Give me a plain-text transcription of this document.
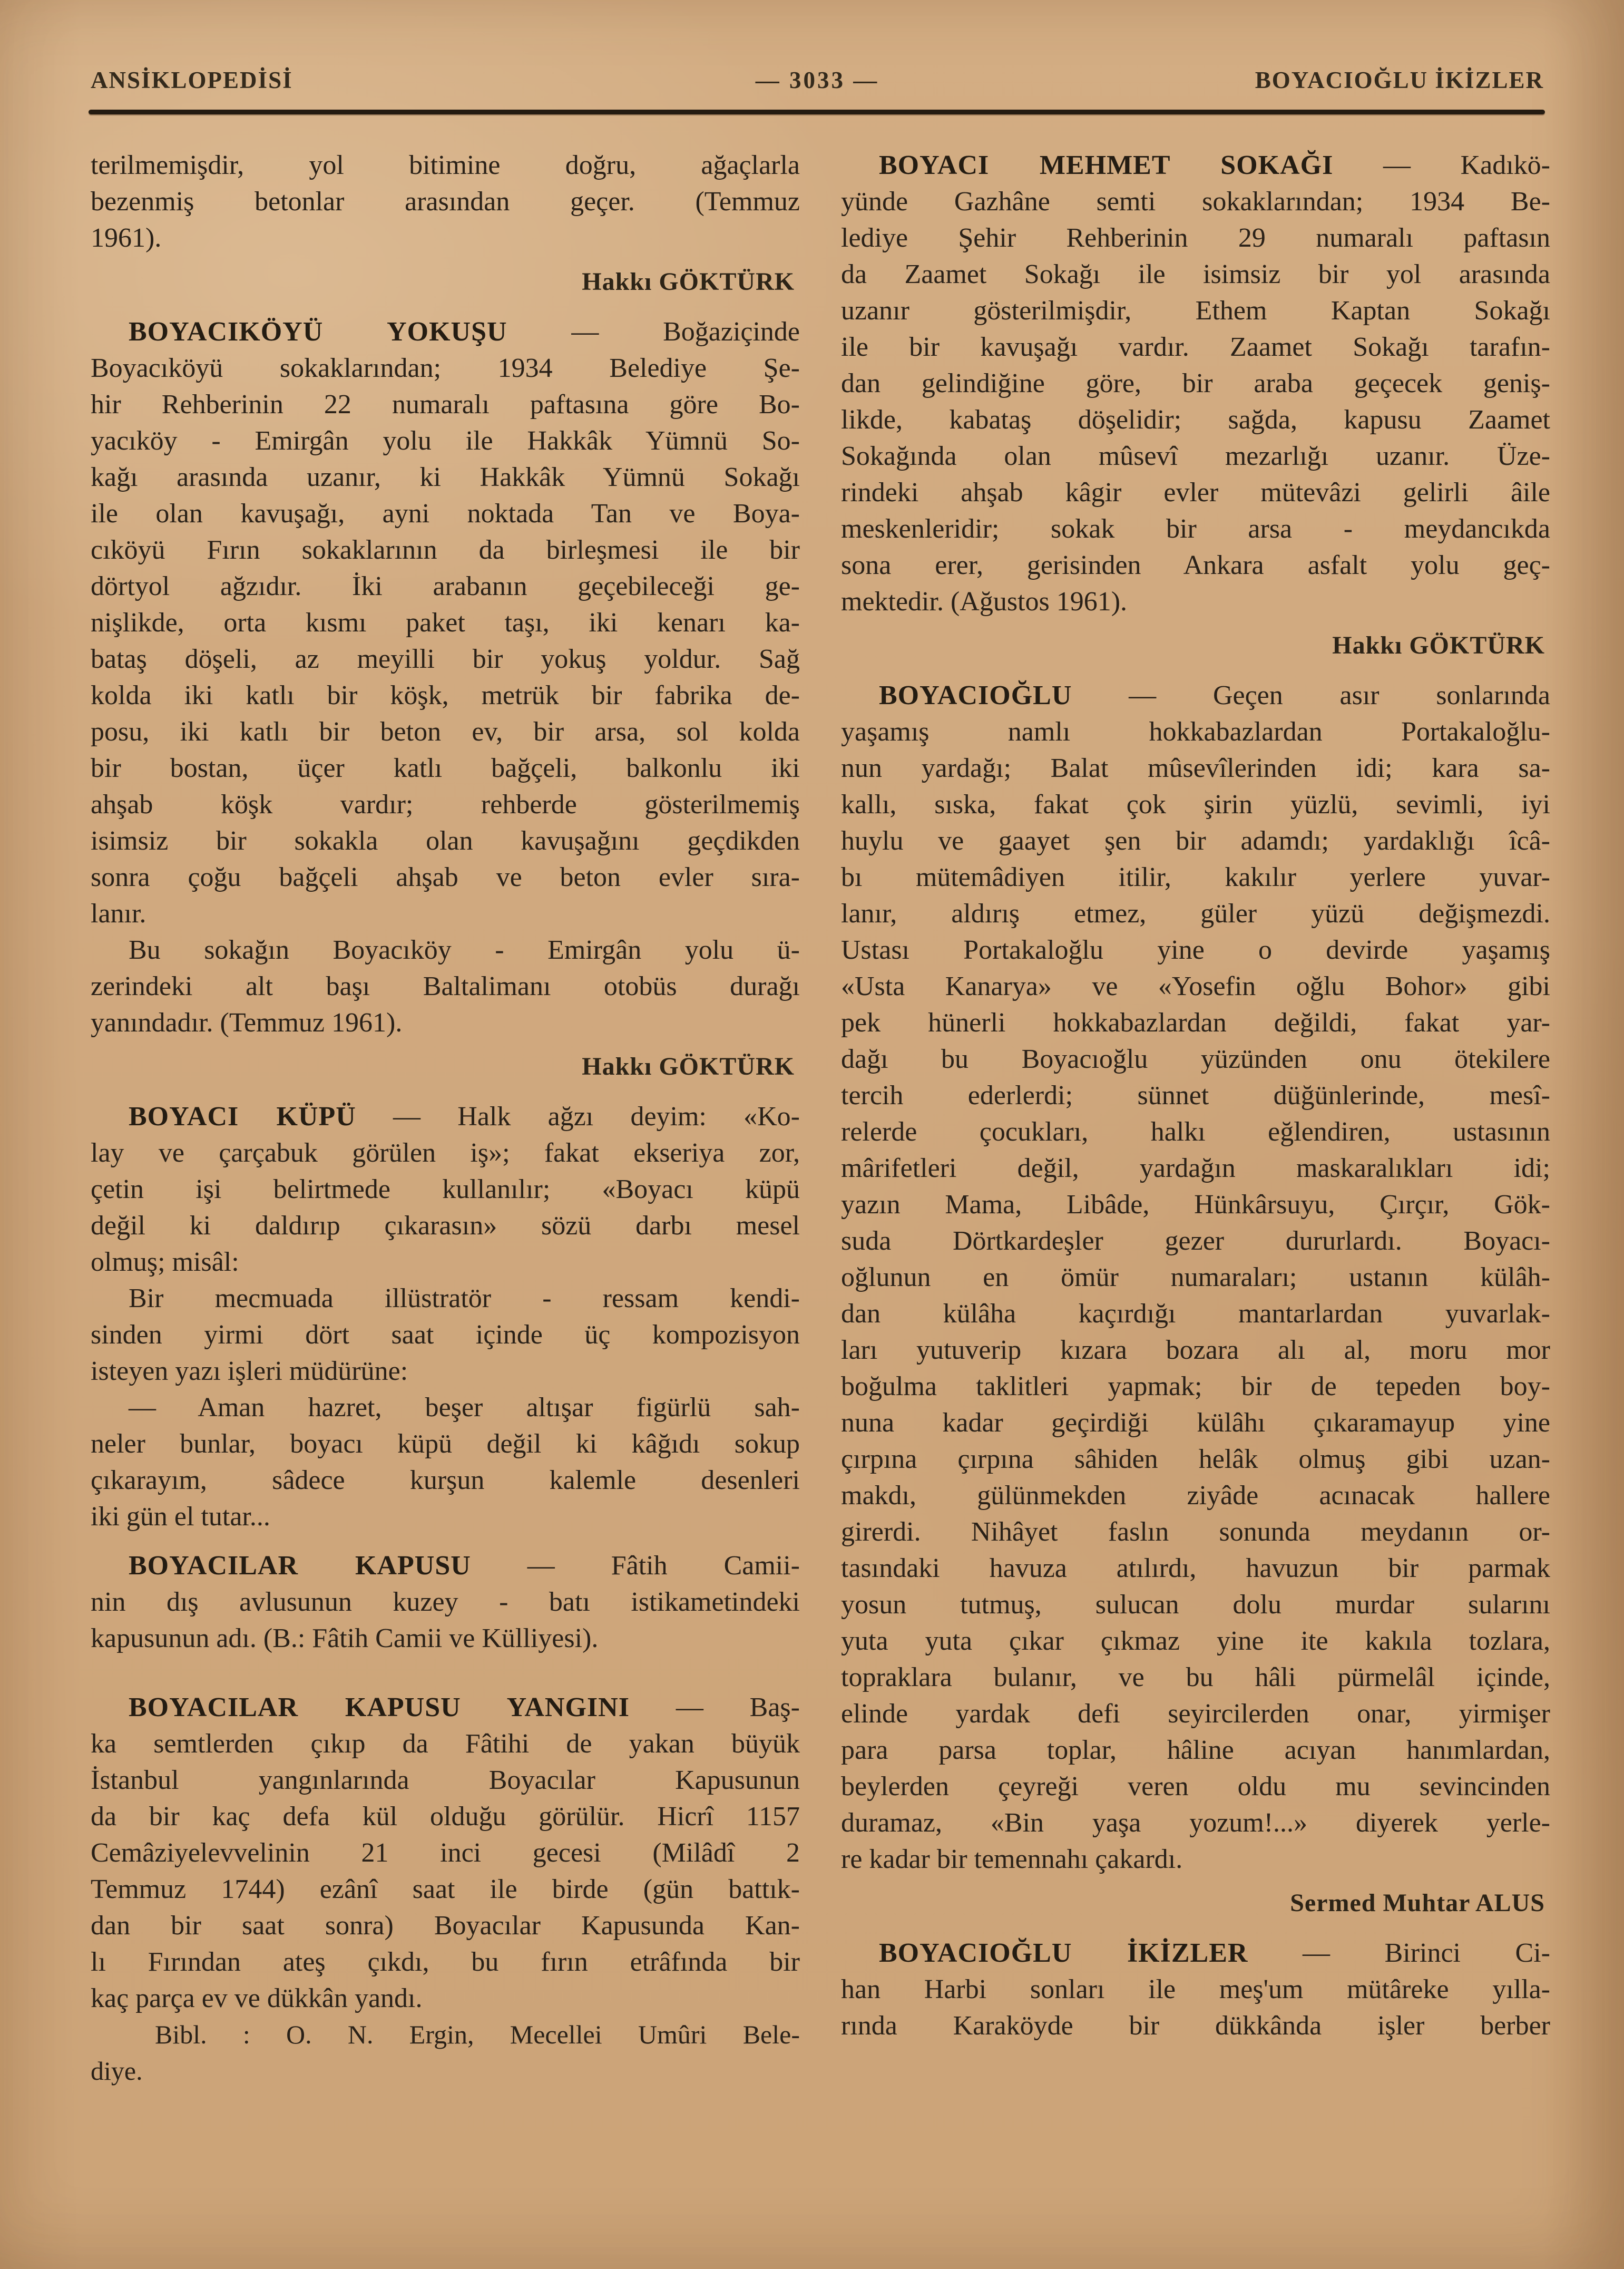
ANSİKLOPEDİSİ	— 3033 —	BOYACIOĞLU İKİZLER
terilmemişdir, yol bitimine doğru, ağaçlarla
bezenmiş betonlar arasından geçer. (Temmuz
1961).
Hakkı GÖKTÜRK
BOYACIKÖYÜ YOKUŞU — Boğaziçinde
Boyacıköyü sokaklarından; 1934 Belediye Şe-
hir Rehberinin 22 numaralı paftasına göre Bo-
yacıköy - Emirgân yolu ile Hakkâk Yümnü So-
kağı arasında uzanır, ki Hakkâk Yümnü Sokağı
ile olan kavuşağı, ayni noktada Tan ve Boya-
cıköyü Fırın sokaklarının da birleşmesi ile bir
dörtyol ağzıdır. İki arabanın geçebileceği ge-
nişlikde, orta kısmı paket taşı, iki kenarı ka-
bataş döşeli, az meyilli bir yokuş yoldur. Sağ
kolda iki katlı bir köşk, metrük bir fabrika de-
posu, iki katlı bir beton ev, bir arsa, sol kolda
bir bostan, üçer katlı bağçeli, balkonlu iki
ahşab köşk vardır; rehberde gösterilmemiş
isimsiz bir sokakla olan kavuşağını geçdikden
sonra çoğu bağçeli ahşab ve beton evler sıra-
lanır.
Bu sokağın Boyacıköy - Emirgân yolu ü-
zerindeki alt başı Baltalimanı otobüs durağı
yanındadır. (Temmuz 1961).
Hakkı GÖKTÜRK
BOYACI KÜPÜ — Halk ağzı deyim: «Ko-
lay ve çarçabuk görülen iş»; fakat ekseriya zor,
çetin işi belirtmede kullanılır; «Boyacı küpü
değil ki daldırıp çıkarasın» sözü darbı mesel
olmuş; misâl:
Bir mecmuada illüstratör - ressam kendi-
sinden yirmi dört saat içinde üç kompozisyon
isteyen yazı işleri müdürüne:
— Aman hazret, beşer altışar figürlü sah-
neler bunlar, boyacı küpü değil ki kâğıdı sokup
çıkarayım, sâdece kurşun kalemle desenleri
iki gün el tutar...
BOYACILAR KAPUSU — Fâtih Camii-
nin dış avlusunun kuzey - batı istikametindeki
kapusunun adı. (B.: Fâtih Camii ve Külliyesi).
BOYACILAR KAPUSU YANGINI — Baş-
ka semtlerden çıkıp da Fâtihi de yakan büyük
İstanbul yangınlarında Boyacılar Kapusunun
da bir kaç defa kül olduğu görülür. Hicrî 1157
Cemâziyelevvelinin 21 inci gecesi (Milâdî 2
Temmuz 1744) ezânî saat ile birde (gün battık-
dan bir saat sonra) Boyacılar Kapusunda Kan-
lı Fırından ateş çıkdı, bu fırın etrâfında bir
kaç parça ev ve dükkân yandı.
Bibl. : O. N. Ergin, Mecellei Umûri Bele-
diye.
BOYACI MEHMET SOKAĞI — Kadıkö-
yünde Gazhâne semti sokaklarından; 1934 Be-
lediye Şehir Rehberinin 29 numaralı paftasın
da Zaamet Sokağı ile isimsiz bir yol arasında
uzanır gösterilmişdir, Ethem Kaptan Sokağı
ile bir kavuşağı vardır. Zaamet Sokağı tarafın-
dan gelindiğine göre, bir araba geçecek geniş-
likde, kabataş döşelidir; sağda, kapusu Zaamet
Sokağında olan mûsevî mezarlığı uzanır. Üze-
rindeki ahşab kâgir evler mütevâzi gelirli âile
meskenleridir; sokak bir arsa - meydancıkda
sona erer, gerisinden Ankara asfalt yolu geç-
mektedir. (Ağustos 1961).
Hakkı GÖKTÜRK
BOYACIOĞLU — Geçen asır sonlarında
yaşamış namlı hokkabazlardan Portakaloğlu-
nun yardağı; Balat mûsevîlerinden idi; kara sa-
kallı, sıska, fakat çok şirin yüzlü, sevimli, iyi
huylu ve gaayet şen bir adamdı; yardaklığı îcâ-
bı mütemâdiyen itilir, kakılır yerlere yuvar-
lanır, aldırış etmez, güler yüzü değişmezdi.
Ustası Portakaloğlu yine o devirde yaşamış
«Usta Kanarya» ve «Yosefin oğlu Bohor» gibi
pek hünerli hokkabazlardan değildi, fakat yar-
dağı bu Boyacıoğlu yüzünden onu ötekilere
tercih ederlerdi; sünnet düğünlerinde, mesî-
relerde çocukları, halkı eğlendiren, ustasının
mârifetleri değil, yardağın maskaralıkları idi;
yazın Mama, Libâde, Hünkârsuyu, Çırçır, Gök-
suda Dörtkardeşler gezer dururlardı. Boyacı-
oğlunun en ömür numaraları; ustanın külâh-
dan külâha kaçırdığı mantarlardan yuvarlak-
ları yutuverip kızara bozara alı al, moru mor
boğulma taklitleri yapmak; bir de tepeden boy-
nuna kadar geçirdiği külâhı çıkaramayup yine
çırpına çırpına sâhiden helâk olmuş gibi uzan-
makdı, gülünmekden ziyâde acınacak hallere
girerdi. Nihâyet faslın sonunda meydanın or-
tasındaki havuza atılırdı, havuzun bir parmak
yosun tutmuş, sulucan dolu murdar sularını
yuta yuta çıkar çıkmaz yine ite kakıla tozlara,
topraklara bulanır, ve bu hâli pürmelâl içinde,
elinde yardak defi seyircilerden onar, yirmişer
para parsa toplar, hâline acıyan hanımlardan,
beylerden çeyreği veren oldu mu sevincinden
duramaz, «Bin yaşa yozum!...» diyerek yerle-
re kadar bir temennahı çakardı.
Sermed Muhtar ALUS
BOYACIOĞLU İKİZLER — Birinci Ci-
han Harbi sonları ile meş'um mütâreke yılla-
rında Karaköyde bir dükkânda işler berber
